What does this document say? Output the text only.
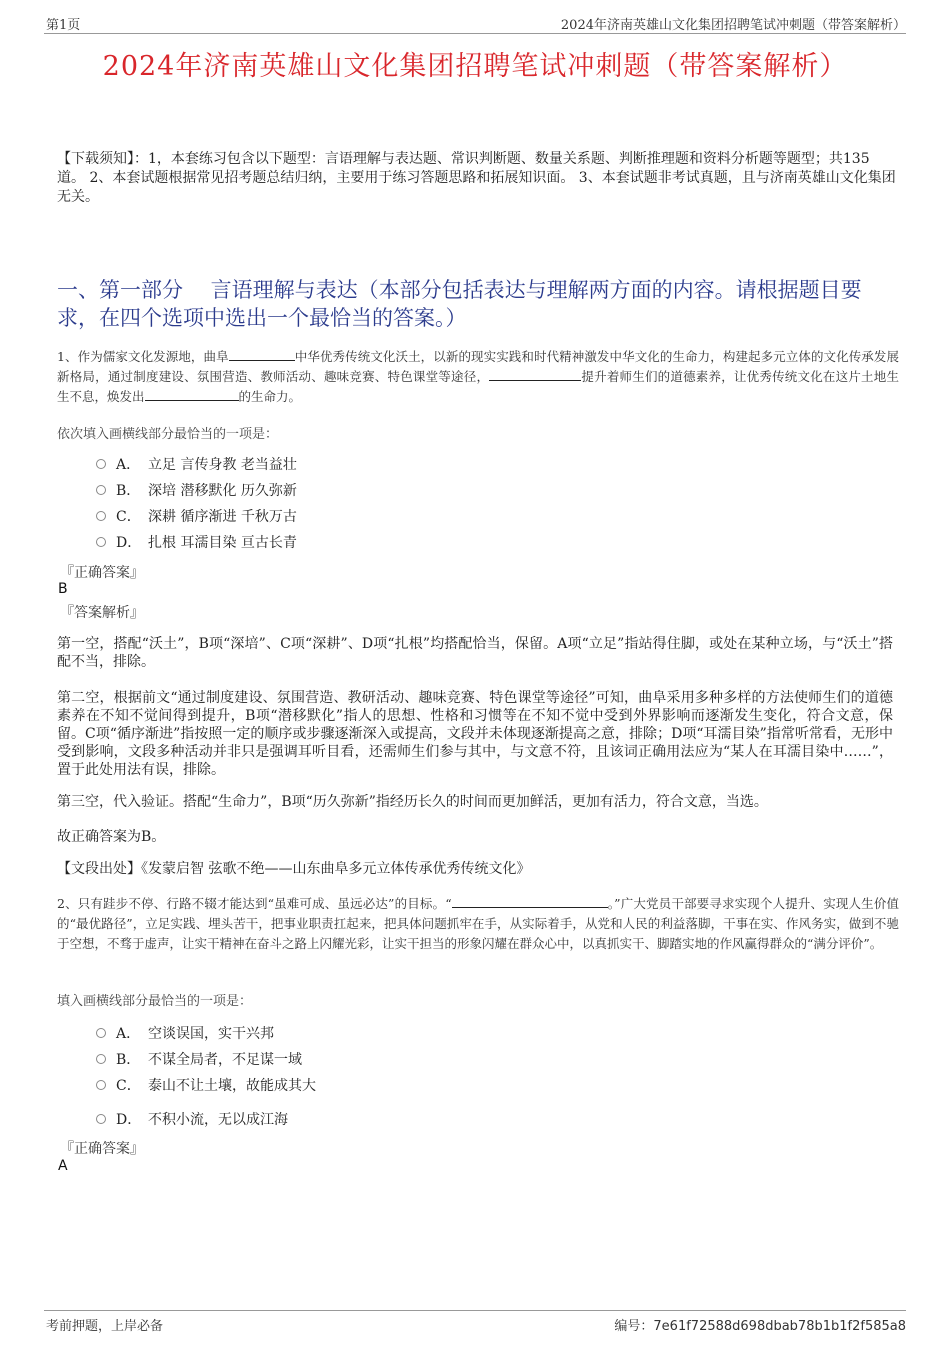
第1页	2024年济南英雄山文化集团招聘笔试冲刺题（带答案解析）
2024年济南英雄山文化集团招聘笔试冲刺题（带答案解析）
【下载须知】：1，本套练习包含以下题型：言语理解与表达题、常识判断题、数量关系题、判断推理题和资料分析题等题型；共135道。 2、本套试题根据常见招考题总结归纳，主要用于练习答题思路和拓展知识面。 3、本套试题非考试真题，且与济南英雄山文化集团无关。
一、第一部分　 言语理解与表达（本部分包括表达与理解两方面的内容。请根据题目要求，在四个选项中选出一个最恰当的答案。）
1、作为儒家文化发源地，曲阜	中华优秀传统文化沃土，以新的现实实践和时代精神激发中华文化的生命力，构建起多元立体的文化传承发展新格局，通过制度建设、氛围营造、教师活动、趣味竞赛、特色课堂等途径，	提升着师生们的道德素养，让优秀传统文化在这片土地生生不息，焕发出	的生命力。
依次填入画横线部分最恰当的一项是：
A． 立足 言传身教 老当益壮
B． 深培 潜移默化 历久弥新
C． 深耕 循序渐进 千秋万古
D． 扎根 耳濡目染 亘古长青
『正确答案』
B
『答案解析』
第一空，搭配“沃土”，B项“深培”、C项“深耕”、D项“扎根”均搭配恰当，保留。A项“立足”指站得住脚，或处在某种立场，与“沃土”搭配不当，排除。
第二空，根据前文“通过制度建设、氛围营造、教研活动、趣味竞赛、特色课堂等途径”可知，曲阜采用多种多样的方法使师生们的道德素养在不知不觉间得到提升，B项“潜移默化”指人的思想、性格和习惯等在不知不觉中受到外界影响而逐渐发生变化，符合文意，保留。C项“循序渐进”指按照一定的顺序或步骤逐渐深入或提高，文段并未体现逐渐提高之意，排除；D项“耳濡目染”指常听常看，无形中受到影响，文段多种活动并非只是强调耳听目看，还需师生们参与其中，与文意不符，且该词正确用法应为“某人在耳濡目染中……”，置于此处用法有误，排除。
第三空，代入验证。搭配“生命力”，B项“历久弥新”指经历长久的时间而更加鲜活，更加有活力，符合文意，当选。
故正确答案为B。
【文段出处】《发蒙启智 弦歌不绝——山东曲阜多元立体传承优秀传统文化》
2、只有跬步不停、行路不辍才能达到“虽难可成、虽远必达”的目标。“	。”广大党员干部要寻求实现个人提升、实现人生价值的“最优路径”，立足实践、埋头苦干，把事业职责扛起来，把具体问题抓牢在手，从实际着手，从党和人民的利益落脚，干事在实、作风务实，做到不驰于空想，不骛于虚声，让实干精神在奋斗之路上闪耀光彩，让实干担当的形象闪耀在群众心中，以真抓实干、脚踏实地的作风赢得群众的“满分评价”。
填入画横线部分最恰当的一项是：
A． 空谈误国，实干兴邦
B． 不谋全局者，不足谋一域
C． 泰山不让土壤，故能成其大
D． 不积小流，无以成江海
『正确答案』
A
考前押题，上岸必备	编号：7e61f72588d698dbab78b1b1f2f585a8
